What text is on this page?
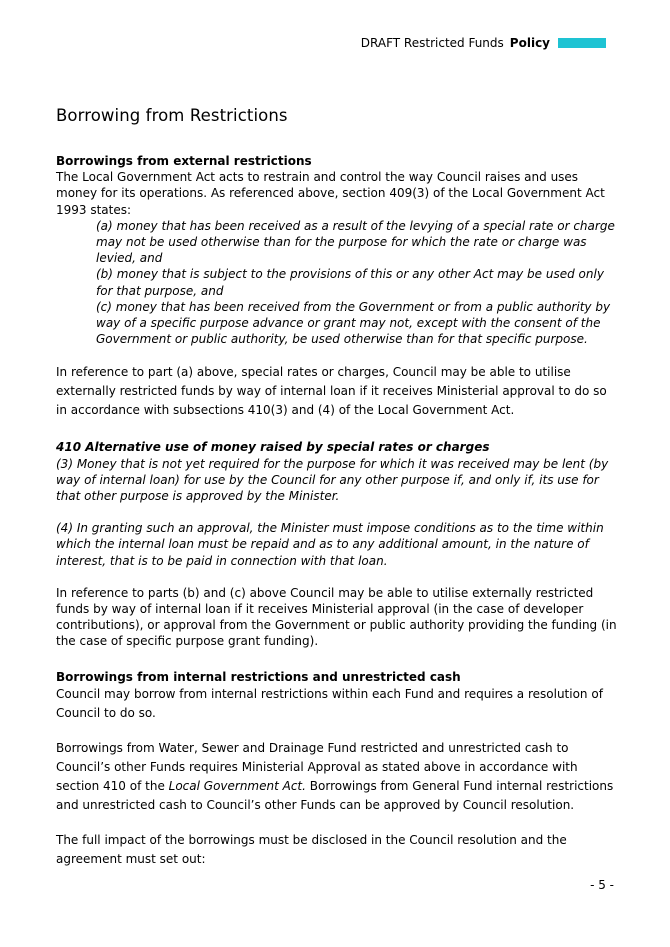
DRAFT Restricted Funds Policy
Borrowing from Restrictions
Borrowings from external restrictions

The Local Government Act acts to restrain and control the way Council raises and uses money for its operations. As referenced above, section 409(3) of the Local Government Act 1993 states:

(a) money that has been received as a result of the levying of a special rate or charge may not be used otherwise than for the purpose for which the rate or charge was levied, and

(b) money that is subject to the provisions of this or any other Act may be used only for that purpose, and

(c) money that has been received from the Government or from a public authority by way of a specific purpose advance or grant may not, except with the consent of the Government or public authority, be used otherwise than for that specific purpose.

In reference to part (a) above, special rates or charges, Council may be able to utilise externally restricted funds by way of internal loan if it receives Ministerial approval to do so in accordance with subsections 410(3) and (4) of the Local Government Act.

410 Alternative use of money raised by special rates or charges

(3) Money that is not yet required for the purpose for which it was received may be lent (by way of internal loan) for use by the Council for any other purpose if, and only if, its use for that other purpose is approved by the Minister.

(4) In granting such an approval, the Minister must impose conditions as to the time within which the internal loan must be repaid and as to any additional amount, in the nature of interest, that is to be paid in connection with that loan.

In reference to parts (b) and (c) above Council may be able to utilise externally restricted funds by way of internal loan if it receives Ministerial approval (in the case of developer contributions), or approval from the Government or public authority providing the funding (in the case of specific purpose grant funding).

Borrowings from internal restrictions and unrestricted cash

Council may borrow from internal restrictions within each Fund and requires a resolution of Council to do so.

Borrowings from Water, Sewer and Drainage Fund restricted and unrestricted cash to Council’s other Funds requires Ministerial Approval as stated above in accordance with section 410 of the Local Government Act. Borrowings from General Fund internal restrictions and unrestricted cash to Council’s other Funds can be approved by Council resolution.

The full impact of the borrowings must be disclosed in the Council resolution and the agreement must set out:

- 5 -
